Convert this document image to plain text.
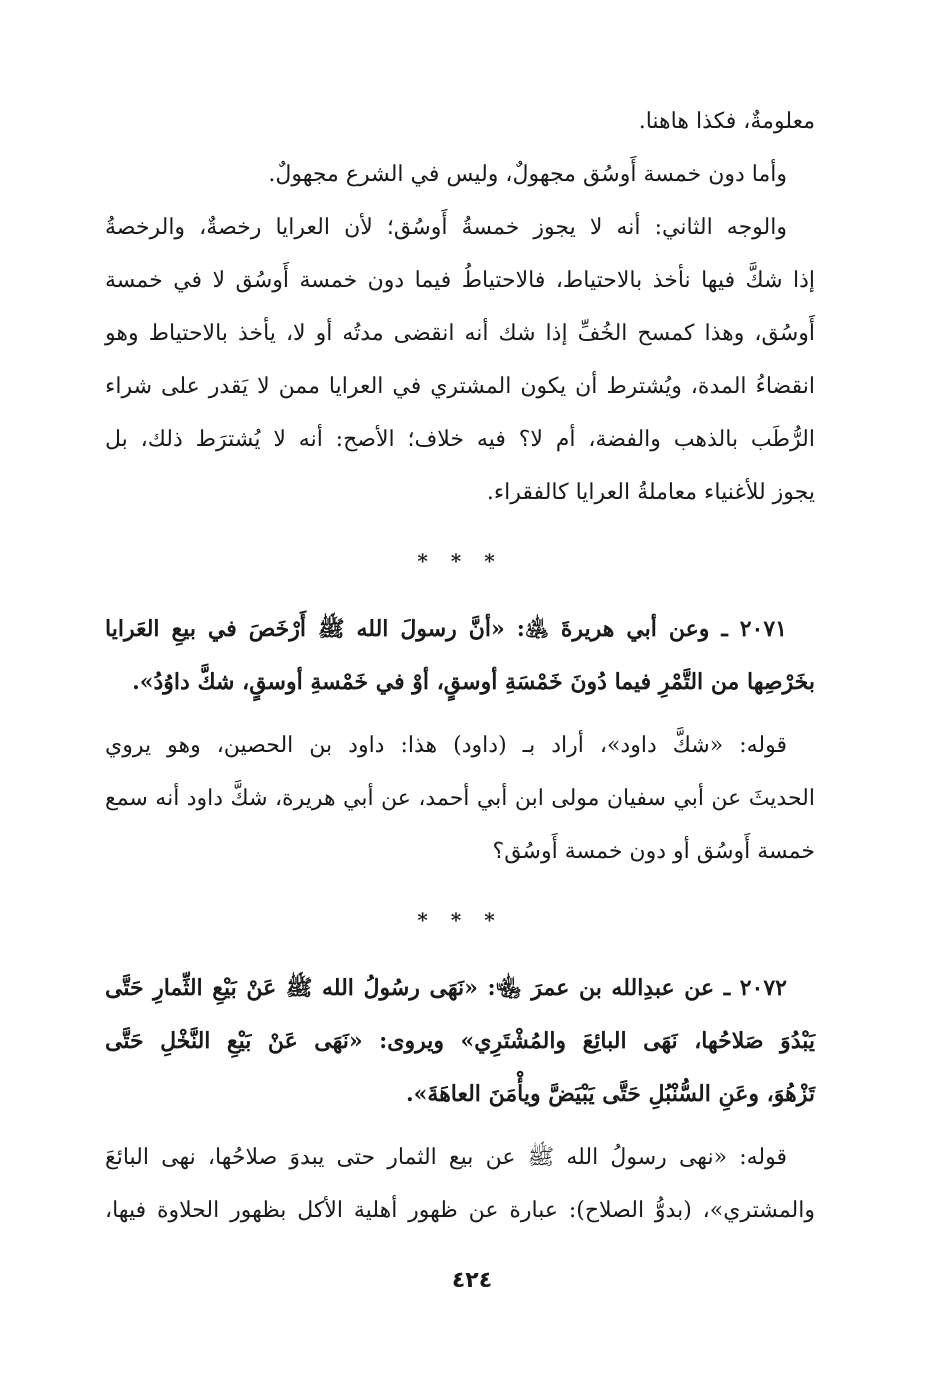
معلومةٌ، فكذا هاهنا.
وأما دون خمسة أَوسُق مجهولٌ، وليس في الشرع مجهولٌ.
والوجه الثاني: أنه لا يجوز خمسةُ أَوسُق؛ لأن العرايا رخصةٌ، والرخصةُ
إذا شكَّ فيها نأخذ بالاحتياط، فالاحتياطُ فيما دون خمسة أَوسُق لا في خمسة
أَوسُق، وهذا كمسح الخُفِّ إذا شك أنه انقضى مدتُه أو لا، يأخذ بالاحتياط وهو
انقضاءُ المدة، ويُشترط أن يكون المشتري في العرايا ممن لا يَقدر على شراء
الرُّطَب بالذهب والفضة، أم لا؟ فيه خلاف؛ الأصح: أنه لا يُشترَط ذلك، بل
يجوز للأغنياء معاملةُ العرايا كالفقراء.
* * *
٢٠٧١ ـ وعن أبي هريرةَ ﵁: «أنَّ رسولَ الله ﷺ أَرْخَصَ في بيعِ العَرايا
بخَرْصِها من التَّمْرِ فيما دُونَ خَمْسَةِ أوسقٍ، أوْ في خَمْسةِ أوسقٍ، شكَّ داوُدُ».
قوله: «شكَّ داود»، أراد بـ (داود) هذا: داود بن الحصين، وهو يروي
الحديثَ عن أبي سفيان مولى ابن أبي أحمد، عن أبي هريرة، شكَّ داود أنه سمع
خمسة أَوسُق أو دون خمسة أَوسُق؟
* * *
٢٠٧٢ ـ عن عبدِالله بن عمرَ ﵄: «نَهَى رسُولُ الله ﷺ عَنْ بَيْعِ الثِّمارِ حَتَّى
يَبْدُوَ صَلاحُها، نَهَى البائِعَ والمُشْتَرِي» ويروى: «نَهَى عَنْ بَيْعِ النَّخْلِ حَتَّى
تَزْهُوَ، وعَنِ السُّنْبُلِ حَتَّى يَبْيَضَّ ويأْمَنَ العاهَةَ».
قوله: «نهى رسولُ الله ﷺ عن بيع الثمار حتى يبدوَ صلاحُها، نهى البائعَ
والمشتري»، (بدوُّ الصلاح): عبارة عن ظهور أهلية الأكل بظهور الحلاوة فيها،
٤٢٤
